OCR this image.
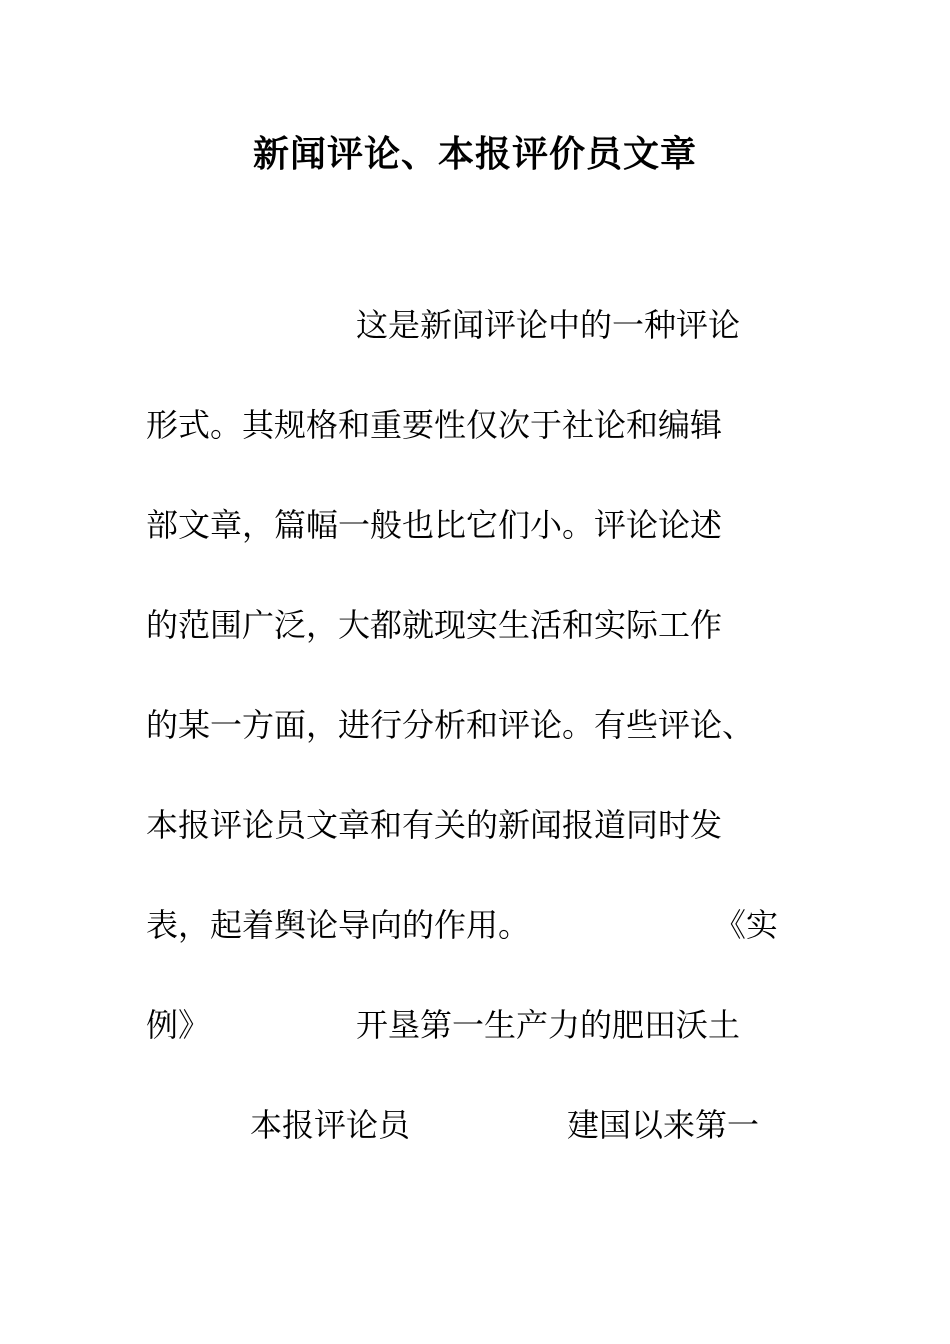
新闻评论、本报评价员文章
这是新闻评论中的一种评论
形式。其规格和重要性仅次于社论和编辑
部文章，篇幅一般也比它们小。评论论述
的范围广泛，大都就现实生活和实际工作
的某一方面，进行分析和评论。有些评论、
本报评论员文章和有关的新闻报道同时发
表，起着舆论导向的作用。	《实
例》	开垦第一生产力的肥田沃土
本报评论员	建国以来第一
